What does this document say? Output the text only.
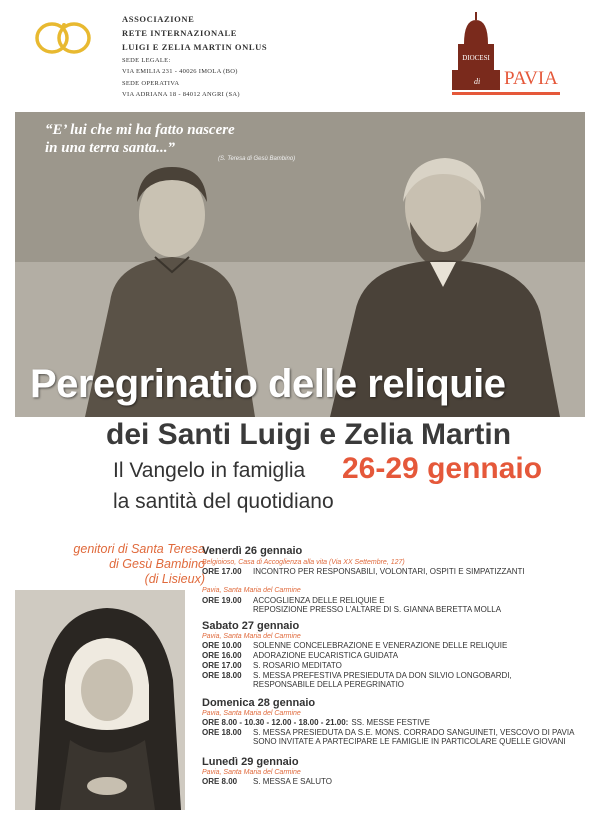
ASSOCIAZIONE
RETE INTERNAZIONALE
LUIGI E ZELIA MARTIN ONLUS
SEDE LEGALE:
VIA EMILIA 231 - 40026 IMOLA (BO)
SEDE OPERATIVA
VIA ADRIANA 18 - 84012 ANGRI (SA)
DIOCESI
di PAVIA
“E’ lui che mi ha fatto nascere
in una terra santa...”
(S. Teresa di Gesù Bambino)
Peregrinatio delle reliquie
dei Santi Luigi e Zelia Martin
Il Vangelo in famiglia 26-29 gennaio
la santità del quotidiano
genitori di Santa Teresa
di Gesù Bambino
(di Lisieux)
Venerdì 26 gennaio
Belgioioso, Casa di Accoglienza alla vita (Via XX Settembre, 127)
ORE 17.00 INCONTRO PER RESPONSABILI, VOLONTARI, OSPITI E SIMPATIZZANTI
Pavia, Santa Maria del Carmine
ORE 19.00 ACCOGLIENZA DELLE RELIQUIE E
REPOSIZIONE PRESSO L’ALTARE DI S. GIANNA BERETTA MOLLA
Sabato 27 gennaio
Pavia, Santa Maria del Carmine
ORE 10.00 SOLENNE CONCELEBRAZIONE E VENERAZIONE DELLE RELIQUIE
ORE 16.00 ADORAZIONE EUCARISTICA GUIDATA
ORE 17.00 S. ROSARIO MEDITATO
ORE 18.00 S. MESSA PREFESTIVA PRESIEDUTA DA DON SILVIO LONGOBARDI,
RESPONSABILE DELLA PEREGRINATIO
Domenica 28 gennaio
Pavia, Santa Maria del Carmine
ORE 8.00 - 10.30 - 12.00 - 18.00 - 21.00: SS. MESSE FESTIVE
ORE 18.00 S. MESSA PRESIEDUTA DA S.E. MONS. CORRADO SANGUINETI, VESCOVO DI PAVIA
SONO INVITATE A PARTECIPARE LE FAMIGLIE IN PARTICOLARE QUELLE GIOVANI
Lunedì 29 gennaio
Pavia, Santa Maria del Carmine
ORE 8.00 S. MESSA E SALUTO
